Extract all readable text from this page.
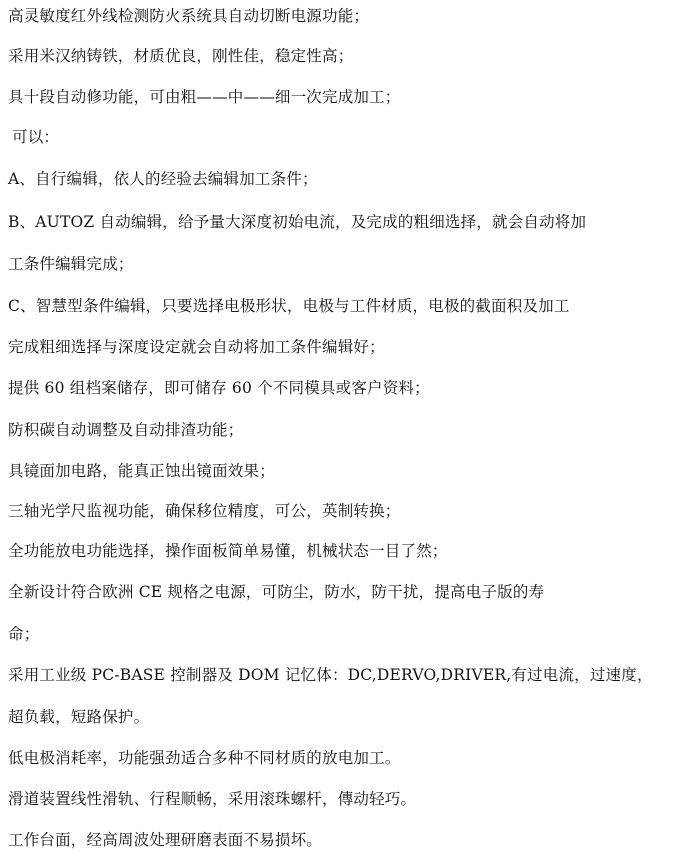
高灵敏度红外线检测防火系统具自动切断电源功能；
采用米汉纳铸铁，材质优良，刚性佳，稳定性高；
具十段自动修功能，可由粗——中——细一次完成加工；
可以：
A、自行编辑，依人的经验去编辑加工条件；
B、AUTOZ 自动编辑，给予量大深度初始电流，及完成的粗细选择，就会自动将加
工条件编辑完成；
C、智慧型条件编辑，只要选择电极形状，电极与工件材质，电极的截面积及加工
完成粗细选择与深度设定就会自动将加工条件编辑好；
提供 60 组档案储存，即可储存 60 个不同模具或客户资料；
防积碳自动调整及自动排渣功能；
具镜面加电路，能真正蚀出镜面效果；
三轴光学尺监视功能，确保移位精度，可公，英制转换；
全功能放电功能选择，操作面板简单易懂，机械状态一目了然；
全新设计符合欧洲 CE 规格之电源，可防尘，防水，防干扰，提高电子版的寿
命；
采用工业级 PC-BASE 控制器及 DOM 记忆体：DC,DERVO,DRIVER,有过电流，过速度，
超负载，短路保护。
低电极消耗率，功能强劲适合多种不同材质的放电加工。
滑道装置线性滑轨、行程顺畅，采用滚珠螺杆，傳动轻巧。
工作台面，经高周波处理研磨表面不易损坏。
